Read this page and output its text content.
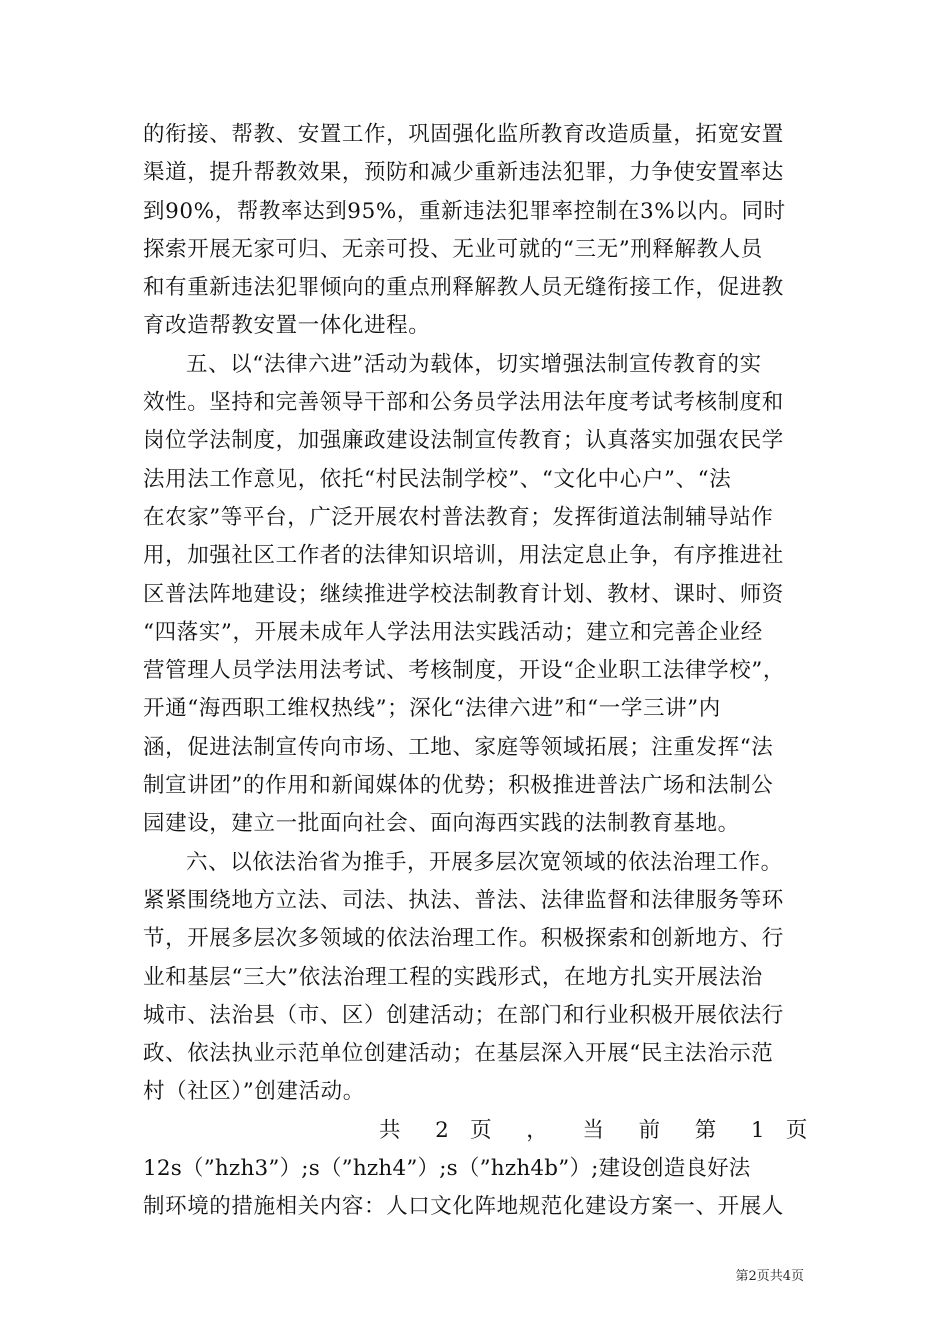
的衔接、帮教、安置工作，巩固强化监所教育改造质量，拓宽安置
渠道，提升帮教效果，预防和减少重新违法犯罪，力争使安置率达
到90%，帮教率达到95%，重新违法犯罪率控制在3%以内。同时
探索开展无家可归、无亲可投、无业可就的“三无”刑释解教人员
和有重新违法犯罪倾向的重点刑释解教人员无缝衔接工作，促进教
育改造帮教安置一体化进程。
五、以“法律六进”活动为载体，切实增强法制宣传教育的实
效性。坚持和完善领导干部和公务员学法用法年度考试考核制度和
岗位学法制度，加强廉政建设法制宣传教育；认真落实加强农民学
法用法工作意见，依托“村民法制学校”、“文化中心户”、“法
在农家”等平台，广泛开展农村普法教育；发挥街道法制辅导站作
用，加强社区工作者的法律知识培训，用法定息止争，有序推进社
区普法阵地建设；继续推进学校法制教育计划、教材、课时、师资
“四落实”，开展未成年人学法用法实践活动；建立和完善企业经
营管理人员学法用法考试、考核制度，开设“企业职工法律学校”，
开通“海西职工维权热线”；深化“法律六进”和“一学三讲”内
涵，促进法制宣传向市场、工地、家庭等领域拓展；注重发挥“法
制宣讲团”的作用和新闻媒体的优势；积极推进普法广场和法制公
园建设，建立一批面向社会、面向海西实践的法制教育基地。
六、以依法治省为推手，开展多层次宽领域的依法治理工作。
紧紧围绕地方立法、司法、执法、普法、法律监督和法律服务等环
节，开展多层次多领域的依法治理工作。积极探索和创新地方、行
业和基层“三大”依法治理工程的实践形式，在地方扎实开展法治
城市、法治县（市、区）创建活动；在部门和行业积极开展依法行
政、依法执业示范单位创建活动；在基层深入开展“民主法治示范
村（社区）”创建活动。
共 2 页 ， 当 前 第 1 页
12s（”hzh3”）;s（”hzh4”）;s（”hzh4b”）;建设创造良好法
制环境的措施相关内容：人口文化阵地规范化建设方案一、开展人
第2页共4页
